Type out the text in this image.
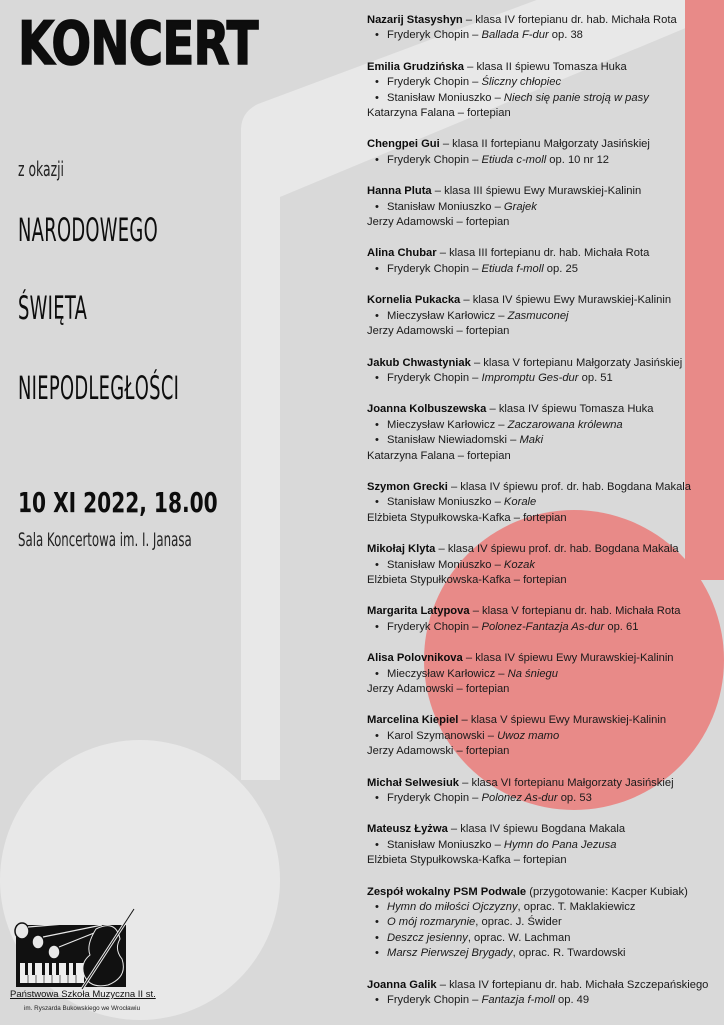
KONCERT
z okazji
NARODOWEGO
ŚWIĘTA
NIEPODLEGŁOŚCI
10 XI 2022, 18.00
Sala Koncertowa im. I. Janasa
Nazarij Stasyshyn – klasa IV fortepianu dr. hab. Michała Rota
• Fryderyk Chopin – Ballada F-dur op. 38
Emilia Grudzińska – klasa II śpiewu Tomasza Huka
• Fryderyk Chopin – Śliczny chłopiec
• Stanisław Moniuszko – Niech się panie stroją w pasy
Katarzyna Falana – fortepian
Chengpei Gui – klasa II fortepianu Małgorzaty Jasińskiej
• Fryderyk Chopin – Etiuda c-moll op. 10 nr 12
Hanna Pluta – klasa III śpiewu Ewy Murawskiej-Kalinin
• Stanisław Moniuszko – Grajek
Jerzy Adamowski – fortepian
Alina Chubar – klasa III fortepianu dr. hab. Michała Rota
• Fryderyk Chopin – Etiuda f-moll op. 25
Kornelia Pukacka – klasa IV śpiewu Ewy Murawskiej-Kalinin
• Mieczysław Karłowicz – Zasmuconej
Jerzy Adamowski – fortepian
Jakub Chwastyniak – klasa V fortepianu Małgorzaty Jasińskiej
• Fryderyk Chopin – Impromptu Ges-dur op. 51
Joanna Kolbuszewska – klasa IV śpiewu Tomasza Huka
• Mieczysław Karłowicz – Zaczarowana królewna
• Stanisław Niewiadomski – Maki
Katarzyna Falana – fortepian
Szymon Grecki – klasa IV śpiewu prof. dr. hab. Bogdana Makala
• Stanisław Moniuszko – Korale
Elżbieta Stypułkowska-Kafka – fortepian
Mikołaj Klyta – klasa IV śpiewu prof. dr. hab. Bogdana Makala
• Stanisław Moniuszko – Kozak
Elżbieta Stypułkowska-Kafka – fortepian
Margarita Latypova – klasa V fortepianu dr. hab. Michała Rota
• Fryderyk Chopin – Polonez-Fantazja As-dur op. 61
Alisa Polovnikova – klasa IV śpiewu Ewy Murawskiej-Kalinin
• Mieczysław Karłowicz – Na śniegu
Jerzy Adamowski – fortepian
Marcelina Kiepiel – klasa V śpiewu Ewy Murawskiej-Kalinin
• Karol Szymanowski – Uwoz mamo
Jerzy Adamowski – fortepian
Michał Selwesiuk – klasa VI fortepianu Małgorzaty Jasińskiej
• Fryderyk Chopin – Polonez As-dur op. 53
Mateusz Łyżwa – klasa IV śpiewu Bogdana Makala
• Stanisław Moniuszko – Hymn do Pana Jezusa
Elżbieta Stypułkowska-Kafka – fortepian
Zespół wokalny PSM Podwale (przygotowanie: Kacper Kubiak)
• Hymn do miłości Ojczyzny, oprac. T. Maklakiewicz
• O mój rozmarynie, oprac. J. Świder
• Deszcz jesienny, oprac. W. Lachman
• Marsz Pierwszej Brygady, oprac. R. Twardowski
Joanna Galik – klasa IV fortepianu dr. hab. Michała Szczepańskiego
• Fryderyk Chopin – Fantazja f-moll op. 49
Państwowa Szkoła Muzyczna II st.
im. Ryszarda Bukowskiego we Wrocławiu
